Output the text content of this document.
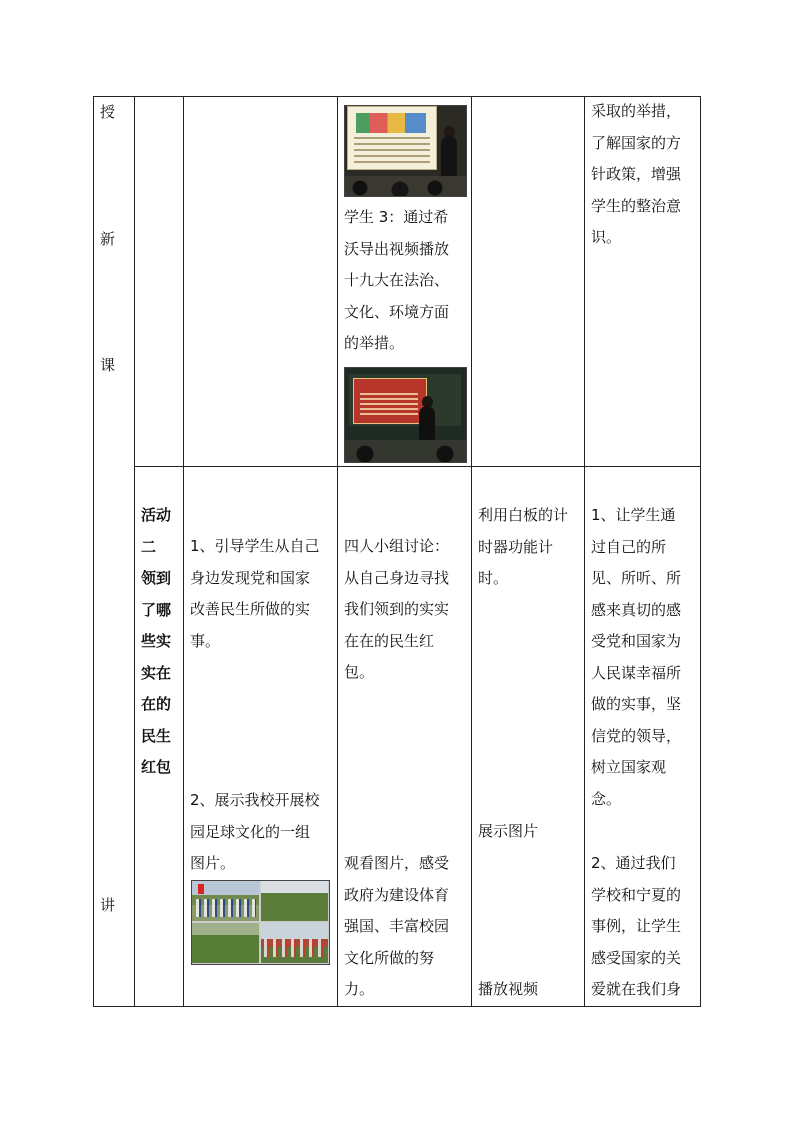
授
新
课
讲
学生 3：通过希
沃导出视频播放
十九大在法治、
文化、环境方面
的举措。
采取的举措，
了解国家的方
针政策，增强
学生的整治意
识。
活动
二
领到
了哪
些实
实在
在的
民生
红包
1、引导学生从自己
身边发现党和国家
改善民生所做的实
事。
2、展示我校开展校
园足球文化的一组
图片。
四人小组讨论：
从自己身边寻找
我们领到的实实
在在的民生红
包。
观看图片，感受
政府为建设体育
强国、丰富校园
文化所做的努
力。
利用白板的计
时器功能计
时。
展示图片
播放视频
1、让学生通
过自己的所
见、所听、所
感来真切的感
受党和国家为
人民谋幸福所
做的实事，坚
信党的领导，
树立国家观
念。
2、通过我们
学校和宁夏的
事例，让学生
感受国家的关
爱就在我们身
